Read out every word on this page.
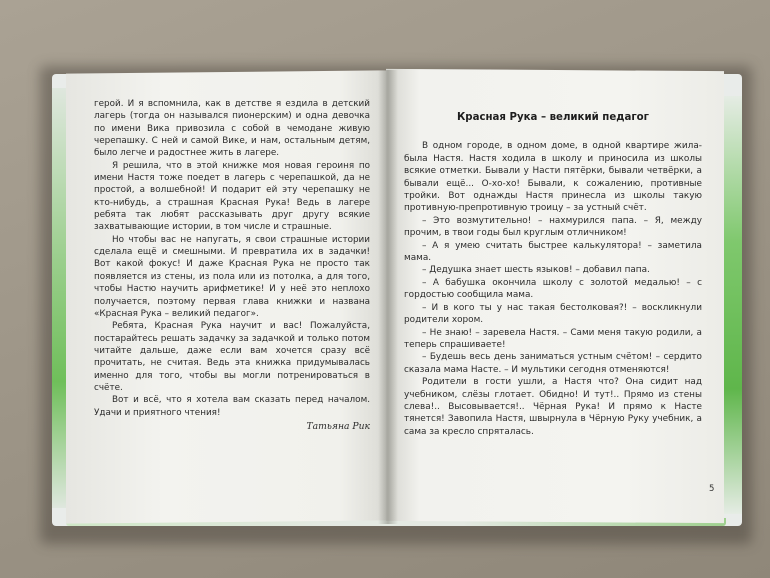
герой. И я вспомнила, как в детстве я ездила в детский лагерь (тогда он назывался пионерским) и одна девочка по имени Вика привозила с собой в чемодане живую черепашку. С ней и самой Вике, и нам, остальным детям, было легче и радостнее жить в лагере.

Я решила, что в этой книжке моя новая героиня по имени Настя тоже поедет в лагерь с черепашкой, да не простой, а волшебной! И подарит ей эту черепашку не кто-нибудь, а страшная Красная Рука! Ведь в лагере ребята так любят рассказывать друг другу всякие захватывающие истории, в том числе и страшные.

Но чтобы вас не напугать, я свои страшные истории сделала ещё и смешными. И превратила их в задачки! Вот какой фокус! И даже Красная Рука не просто так появляется из стены, из пола или из потолка, а для того, чтобы Настю научить арифметике! И у неё это неплохо получается, поэтому первая глава книжки и названа «Красная Рука – великий педагог».

Ребята, Красная Рука научит и вас! Пожалуйста, постарайтесь решать задачку за задачкой и только потом читайте дальше, даже если вам хочется сразу всё прочитать, не считая. Ведь эта книжка придумывалась именно для того, чтобы вы могли потренироваться в счёте.

Вот и всё, что я хотела вам сказать перед началом. Удачи и приятного чтения!

Татьяна Рик

Красная Рука – великий педагог

В одном городе, в одном доме, в одной квартире жила-была Настя. Настя ходила в школу и приносила из школы всякие отметки. Бывали у Насти пятёрки, бывали четвёрки, а бывали ещё... О-хо-хо! Бывали, к сожалению, противные тройки. Вот однажды Настя принесла из школы такую противную-препротивную троицу – за устный счёт.

– Это возмутительно! – нахмурился папа. – Я, между прочим, в твои годы был круглым отличником!

– А я умею считать быстрее калькулятора! – заметила мама.

– Дедушка знает шесть языков! – добавил папа.

– А бабушка окончила школу с золотой медалью! – с гордостью сообщила мама.

– И в кого ты у нас такая бестолковая?! – воскликнули родители хором.

– Не знаю! – заревела Настя. – Сами меня такую родили, а теперь спрашиваете!

– Будешь весь день заниматься устным счётом! – сердито сказала мама Насте. – И мультики сегодня отменяются!

Родители в гости ушли, а Настя что? Она сидит над учебником, слёзы глотает. Обидно! И тут!.. Прямо из стены слева!.. Высовывается!.. Чёрная Рука! И прямо к Насте тянется! Завопила Настя, швырнула в Чёрную Руку учебник, а сама за кресло спряталась.

5
